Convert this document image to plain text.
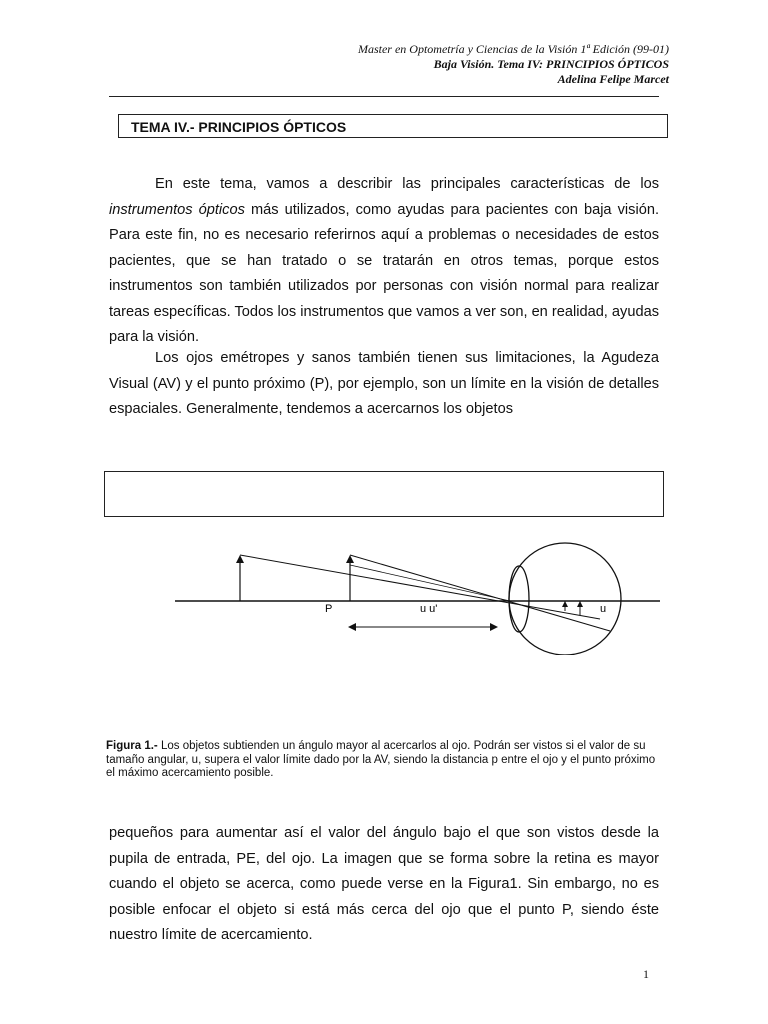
Master en Optometría y Ciencias de la Visión 1ª Edición (99-01)
Baja Visión. Tema IV: PRINCIPIOS ÓPTICOS
Adelina Felipe Marcet
TEMA IV.- PRINCIPIOS ÓPTICOS

En este tema, vamos a describir las principales características de los instrumentos ópticos más utilizados, como ayudas para pacientes con baja visión. Para este fin, no es necesario referirnos aquí a problemas o necesidades de estos pacientes, que se han tratado o se tratarán en otros temas, porque estos instrumentos son también utilizados por personas con visión normal para realizar tareas específicas. Todos los instrumentos que vamos a ver son, en realidad, ayudas para la visión.

Los ojos emétropes y sanos también tienen sus limitaciones, la Agudeza Visual (AV) y el punto próximo (P), por ejemplo, son un límite en la visión de detalles espaciales. Generalmente, tendemos a acercarnos los objetos

P	u u'	u

Figura 1.- Los objetos subtienden un ángulo mayor al acercarlos al ojo. Podrán ser vistos si el valor de su tamaño angular, u, supera el valor límite dado por la AV, siendo la distancia p entre el ojo y el punto próximo el máximo acercamiento posible.

pequeños para aumentar así el valor del ángulo bajo el que son vistos desde la pupila de entrada, PE, del ojo. La imagen que se forma sobre la retina es mayor cuando el objeto se acerca, como puede verse en la Figura1. Sin embargo, no es posible enfocar el objeto si está más cerca del ojo que el punto P, siendo éste nuestro límite de acercamiento.

1
